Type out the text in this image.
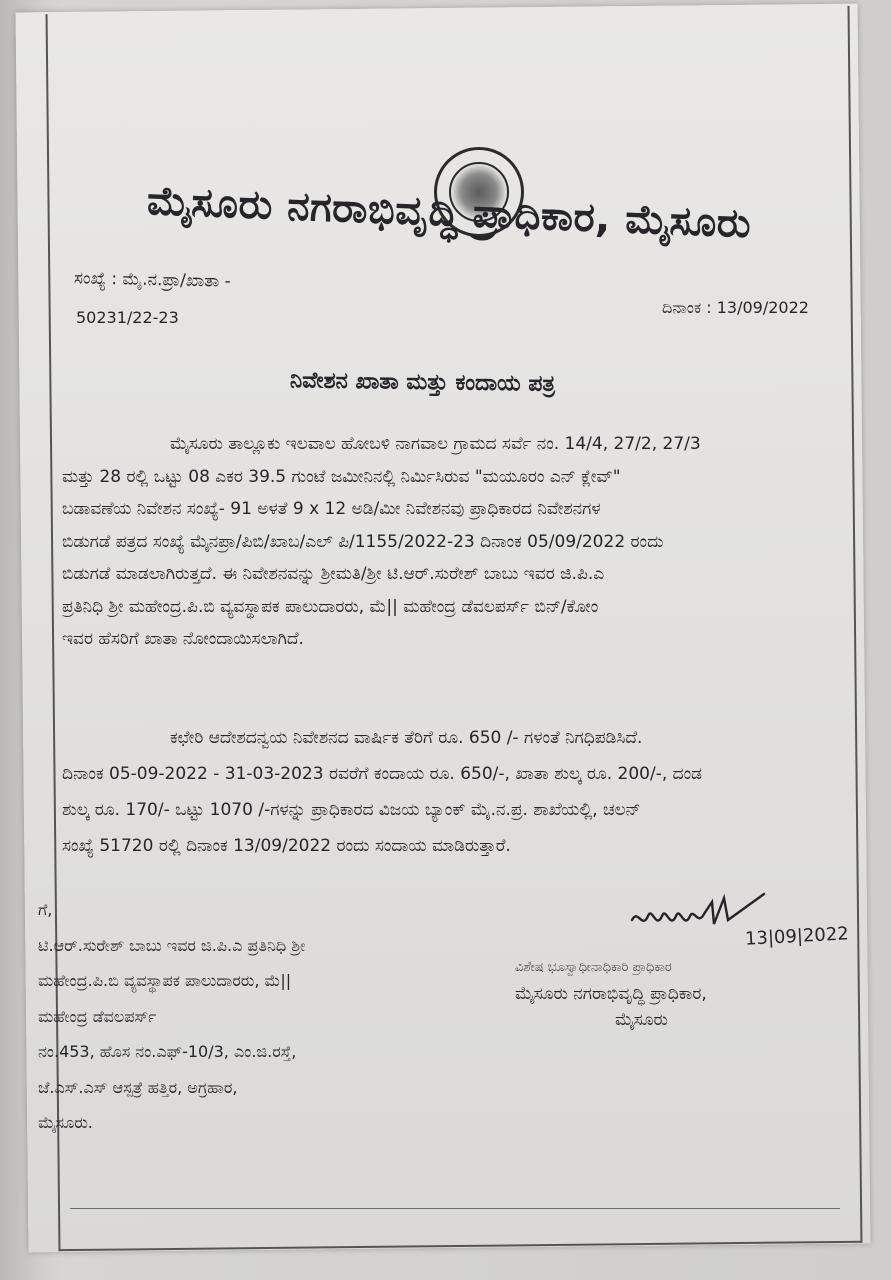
ಮೈಸೂರು ನಗರಾಭಿವೃದ್ಧಿ ಪ್ರಾಧಿಕಾರ, ಮೈಸೂರು
ಸಂಖ್ಯೆ : ಮೈ.ನ.ಪ್ರಾ/ಖಾತಾ -
50231/22-23
ದಿನಾಂಕ : 13/09/2022
ನಿವೇಶನ ಖಾತಾ ಮತ್ತು ಕಂದಾಯ ಪತ್ರ
ಮೈಸೂರು ತಾಲ್ಲೂಕು ಇಲವಾಲ ಹೋಬಳಿ ನಾಗವಾಲ ಗ್ರಾಮದ ಸರ್ವೆ ನಂ. 14/4, 27/2, 27/3
ಮತ್ತು 28 ರಲ್ಲಿ ಒಟ್ಟು 08 ಎಕರ 39.5 ಗುಂಟೆ ಜಮೀನಿನಲ್ಲಿ ನಿರ್ಮಿಸಿರುವ "ಮಯೂರಂ ಎನ್ ಕ್ಲೇವ್"
ಬಡಾವಣೆಯ ನಿವೇಶನ ಸಂಖ್ಯೆ- 91 ಅಳತೆ 9 x 12 ಅಡಿ/ಮೀ ನಿವೇಶನವು ಪ್ರಾಧಿಕಾರದ ನಿವೇಶನಗಳ
ಬಿಡುಗಡೆ ಪತ್ರದ ಸಂಖ್ಯೆ ಮೈನಪ್ರಾ/ಪಿಬಿ/ಖಾಬ/ಎಲ್ ಪಿ/1155/2022-23 ದಿನಾಂಕ 05/09/2022 ರಂದು
ಬಿಡುಗಡೆ ಮಾಡಲಾಗಿರುತ್ತದೆ. ಈ ನಿವೇಶನವನ್ನು ಶ್ರೀಮತಿ/ಶ್ರೀ ಟಿ.ಆರ್.ಸುರೇಶ್ ಬಾಬು ಇವರ ಜಿ.ಪಿ.ಎ
ಪ್ರತಿನಿಧಿ ಶ್ರೀ ಮಹೇಂದ್ರ.ಪಿ.ಬಿ ವ್ಯವಸ್ಥಾಪಕ ಪಾಲುದಾರರು, ಮೆ|| ಮಹೇಂದ್ರ ಡೆವಲಪರ್ಸ್ ಬಿನ್/ಕೋಂ
ಇವರ ಹೆಸರಿಗೆ ಖಾತಾ ನೋಂದಾಯಿಸಲಾಗಿದೆ.
ಕಛೇರಿ ಆದೇಶದನ್ವಯ ನಿವೇಶನದ ವಾರ್ಷಿಕ ತೆರಿಗೆ ರೂ. 650 /- ಗಳಂತೆ ನಿಗಧಿಪಡಿಸಿದೆ.
ದಿನಾಂಕ 05-09-2022 - 31-03-2023 ರವರೆಗೆ ಕಂದಾಯ ರೂ. 650/-, ಖಾತಾ ಶುಲ್ಕ ರೂ. 200/-, ದಂಡ
ಶುಲ್ಕ ರೂ. 170/- ಒಟ್ಟು 1070 /-ಗಳನ್ನು ಪ್ರಾಧಿಕಾರದ ವಿಜಯ ಬ್ಯಾಂಕ್ ಮೈ.ನ.ಪ್ರ. ಶಾಖೆಯಲ್ಲಿ, ಚಲನ್
ಸಂಖ್ಯೆ 51720 ರಲ್ಲಿ ದಿನಾಂಕ 13/09/2022 ರಂದು ಸಂದಾಯ ಮಾಡಿರುತ್ತಾರೆ.
ಗೆ,
ಟಿ.ಆರ್.ಸುರೇಶ್ ಬಾಬು ಇವರ ಜಿ.ಪಿ.ಎ ಪ್ರತಿನಿಧಿ ಶ್ರೀ
ಮಹೇಂದ್ರ.ಪಿ.ಬಿ ವ್ಯವಸ್ಥಾಪಕ ಪಾಲುದಾರರು, ಮೆ||
ಮಹೇಂದ್ರ ಡೆವಲಪರ್ಸ್
ನಂ.453, ಹೊಸ ನಂ.ಎಫ್-10/3, ಎಂ.ಜಿ.ರಸ್ತೆ,
ಜೆ.ಎಸ್.ಎಸ್ ಆಸ್ಪತ್ರೆ ಹತ್ತಿರ, ಅಗ್ರಹಾರ,
ಮೈಸೂರು.
13|09|2022
ವಿಶೇಷ ಭೂಸ್ವಾಧೀನಾಧಿಕಾರಿ ಪ್ರಾಧಿಕಾರ
ಮೈಸೂರು ನಗರಾಭಿವೃದ್ಧಿ ಪ್ರಾಧಿಕಾರ,
ಮೈಸೂರು
